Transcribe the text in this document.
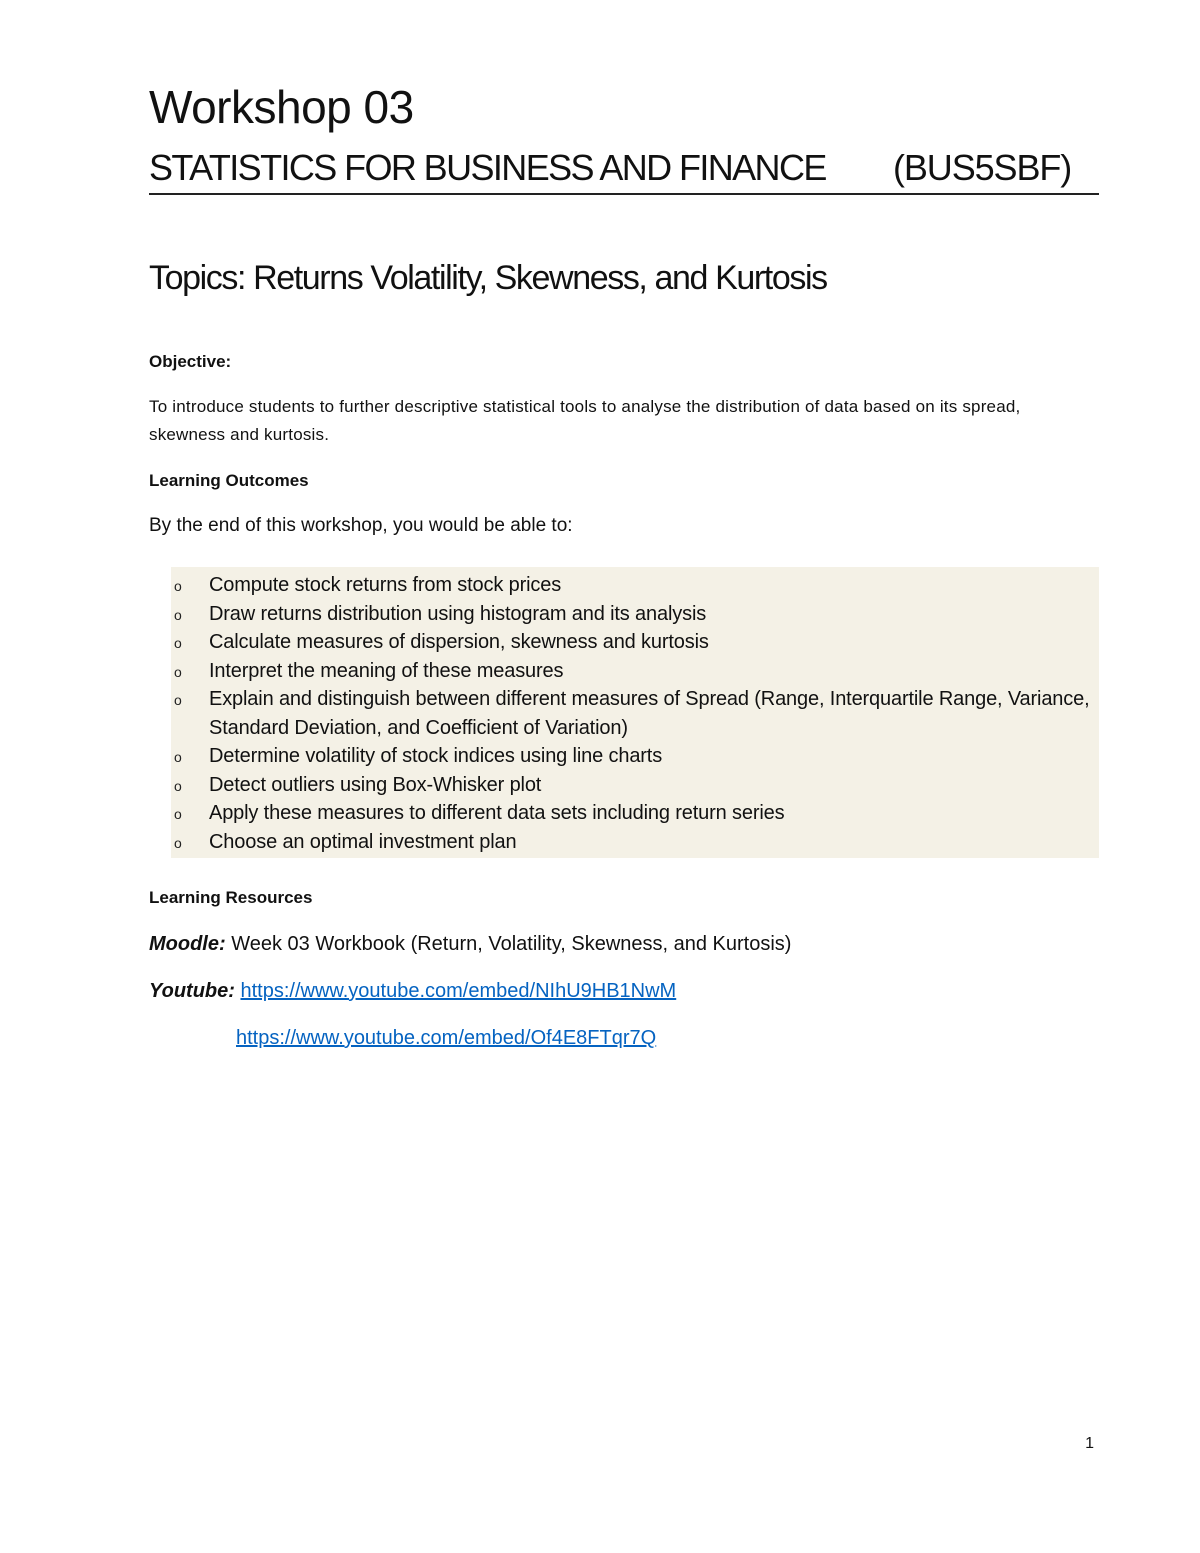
Workshop 03
STATISTICS FOR BUSINESS AND FINANCE (BUS5SBF)
Topics: Returns Volatility, Skewness, and Kurtosis
Objective:
To introduce students to further descriptive statistical tools to analyse the distribution of data based on its spread, skewness and kurtosis.
Learning Outcomes
By the end of this workshop, you would be able to:
o Compute stock returns from stock prices
o Draw returns distribution using histogram and its analysis
o Calculate measures of dispersion, skewness and kurtosis
o Interpret the meaning of these measures
o Explain and distinguish between different measures of Spread (Range, Interquartile Range, Variance, Standard Deviation, and Coefficient of Variation)
o Determine volatility of stock indices using line charts
o Detect outliers using Box-Whisker plot
o Apply these measures to different data sets including return series
o Choose an optimal investment plan
Learning Resources
Moodle: Week 03 Workbook (Return, Volatility, Skewness, and Kurtosis)
Youtube: https://www.youtube.com/embed/NIhU9HB1NwM
https://www.youtube.com/embed/Of4E8FTqr7Q
1
